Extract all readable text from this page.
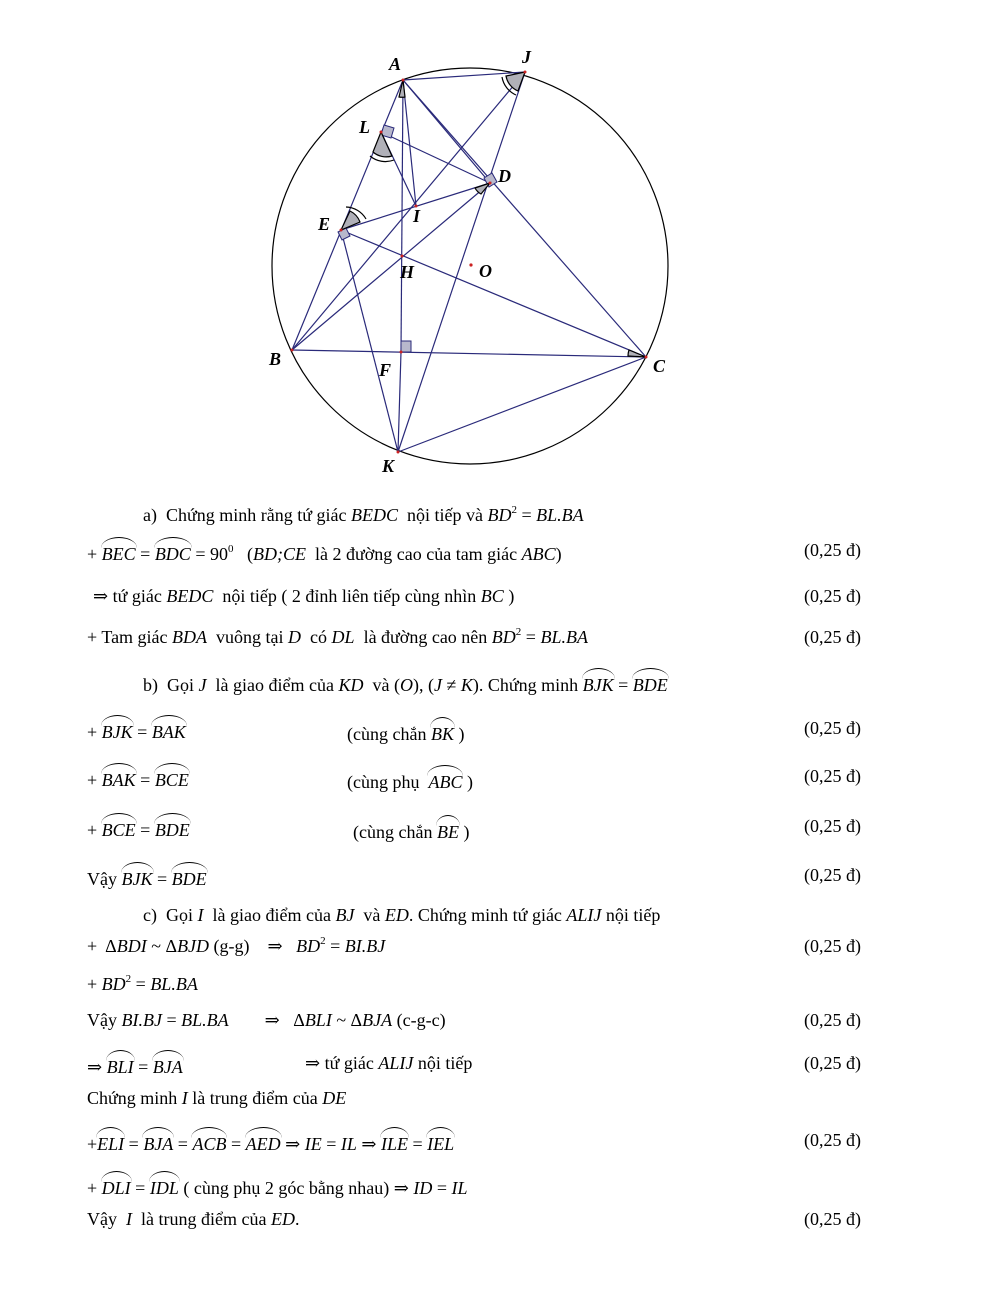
A	J
L
D
E	I
H	O
B
F	C
K
a)  Chứng minh rằng tứ giác BEDC  nội tiếp và $BD^2 = BL.BA$
+ BEC = BDC = $90^0$   (BD;CE  là 2 đường cao của tam giác ABC)	(0,25 đ)
⇒ tứ giác BEDC  nội tiếp ( 2 đỉnh liên tiếp cùng nhìn BC )	(0,25 đ)
+ Tam giác BDA  vuông tại D  có DL  là đường cao nên $BD^2 = BL.BA$	(0,25 đ)
b)  Gọi J  là giao điểm của KD  và (O), (J ≠ K). Chứng minh BJK = BDE
+ BJK = BAK	(cùng chắn BK )	(0,25 đ)
+ BAK = BCE	(cùng phụ  ABC )	(0,25 đ)
+ BCE = BDE	(cùng chắn BE )	(0,25 đ)
Vậy BJK = BDE	(0,25 đ)
c)  Gọi I  là giao điểm của BJ  và ED. Chứng minh tứ giác ALIJ nội tiếp
+  ΔBDI ~ ΔBJD (g-g)    ⇒   $BD^2 = BI.BJ$	(0,25 đ)
+ $BD^2 = BL.BA$
Vậy BI.BJ = BL.BA        ⇒   ΔBLI ~ ΔBJA (c-g-c)	(0,25 đ)
⇒ BLI = BJA	⇒ tứ giác ALIJ nội tiếp	(0,25 đ)
Chứng minh I là trung điểm của DE
+ELI = BJA = ACB = AED ⇒ IE = IL ⇒ ILE = IEL	(0,25 đ)
+ DLI = IDL ( cùng phụ 2 góc bằng nhau) ⇒ ID = IL
Vậy  I  là trung điểm của ED.	(0,25 đ)
